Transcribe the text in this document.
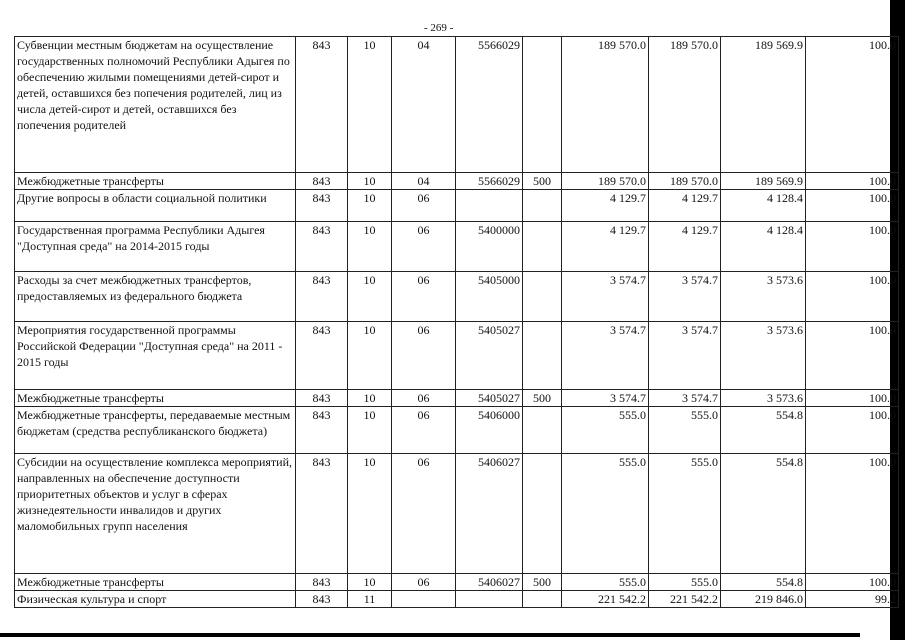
- 269 -
Субвенции местным бюджетам на осуществление государственных полномочий Республики Адыгея по обеспечению жилыми помещениями детей-сирот и детей, оставшихся без попечения родителей, лиц из числа детей-сирот и детей, оставшихся без попечения родителей	843	10	04	5566029		189 570.0	189 570.0	189 569.9	100.0
Межбюджетные трансферты	843	10	04	5566029	500	189 570.0	189 570.0	189 569.9	100.0
Другие вопросы в области социальной политики	843	10	06			4 129.7	4 129.7	4 128.4	100.0
Государственная программа Республики Адыгея "Доступная среда" на 2014-2015 годы	843	10	06	5400000		4 129.7	4 129.7	4 128.4	100.0
Расходы за счет межбюджетных трансфертов, предоставляемых из федерального бюджета	843	10	06	5405000		3 574.7	3 574.7	3 573.6	100.0
Мероприятия государственной программы Российской Федерации "Доступная среда" на 2011 - 2015 годы	843	10	06	5405027		3 574.7	3 574.7	3 573.6	100.0
Межбюджетные трансферты	843	10	06	5405027	500	3 574.7	3 574.7	3 573.6	100.0
Межбюджетные трансферты, передаваемые местным бюджетам (средства республиканского бюджета)	843	10	06	5406000		555.0	555.0	554.8	100.0
Субсидии на осуществление комплекса мероприятий, направленных на обеспечение доступности приоритетных объектов и услуг в сферах жизнедеятельности инвалидов и других маломобильных групп населения	843	10	06	5406027		555.0	555.0	554.8	100.0
Межбюджетные трансферты	843	10	06	5406027	500	555.0	555.0	554.8	100.0
Физическая культура и спорт	843	11				221 542.2	221 542.2	219 846.0	99.2
